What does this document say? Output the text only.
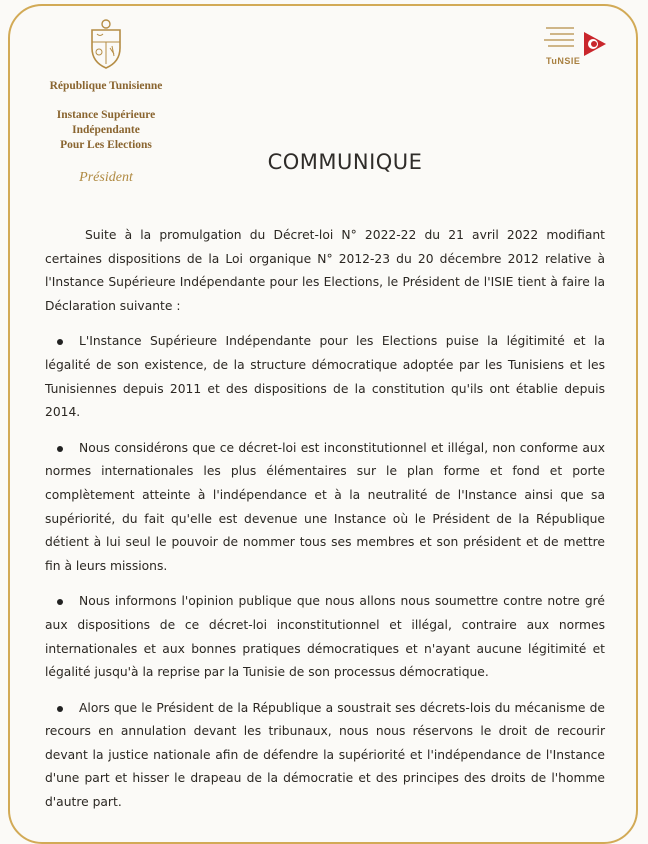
République Tunisienne
Instance Supérieure
Indépendante
Pour Les Elections
Président
TuNSIE
COMMUNIQUE

Suite à la promulgation du Décret-loi N° 2022-22 du 21 avril 2022 modifiant certaines dispositions de la Loi organique N° 2012-23 du 20 décembre 2012 relative à l'Instance Supérieure Indépendante pour les Elections, le Président de l'ISIE tient à faire la Déclaration suivante :

L'Instance Supérieure Indépendante pour les Elections puise la légitimité et la légalité de son existence, de la structure démocratique adoptée par les Tunisiens et les Tunisiennes depuis 2011 et des dispositions de la constitution qu'ils ont établie depuis 2014.

Nous considérons que ce décret-loi est inconstitutionnel et illégal, non conforme aux normes internationales les plus élémentaires sur le plan forme et fond et porte complètement atteinte à l'indépendance et à la neutralité de l'Instance ainsi que sa supériorité, du fait qu'elle est devenue une Instance où le Président de la République détient à lui seul le pouvoir de nommer tous ses membres et son président et de mettre fin à leurs missions.

Nous informons l'opinion publique que nous allons nous soumettre contre notre gré aux dispositions de ce décret-loi inconstitutionnel et illégal, contraire aux normes internationales et aux bonnes pratiques démocratiques et n'ayant aucune légitimité et légalité jusqu'à la reprise par la Tunisie de son processus démocratique.

Alors que le Président de la République a soustrait ses décrets-lois du mécanisme de recours en annulation devant les tribunaux, nous nous réservons le droit de recourir devant la justice nationale afin de défendre la supériorité et l'indépendance de l'Instance d'une part et hisser le drapeau de la démocratie et des principes des droits de l'homme d'autre part.
